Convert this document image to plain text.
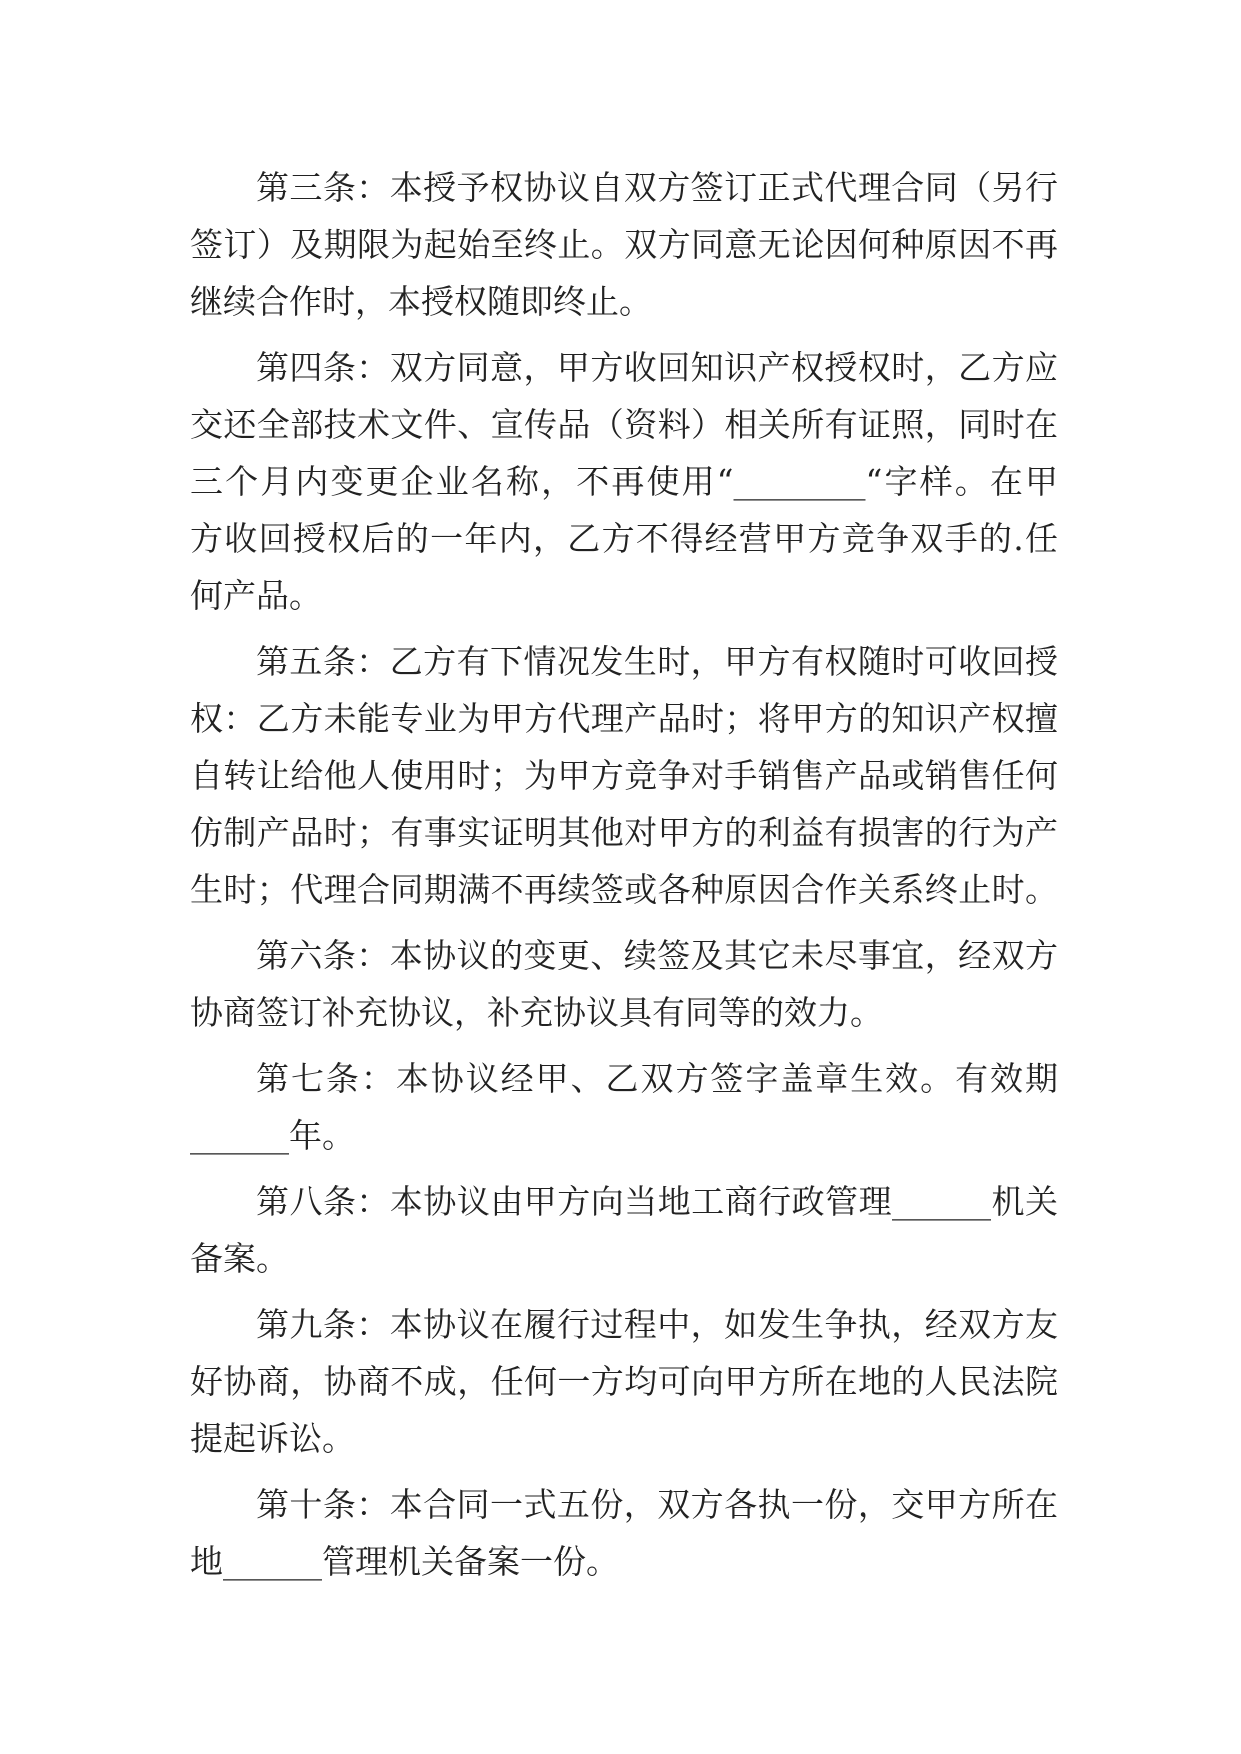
第三条：本授予权协议自双方签订正式代理合同（另行
签订）及期限为起始至终止。双方同意无论因何种原因不再
继续合作时，本授权随即终止。
第四条：双方同意，甲方收回知识产权授权时，乙方应
交还全部技术文件、宣传品（资料）相关所有证照，同时在
三个月内变更企业名称，不再使用“________“字样。在甲
方收回授权后的一年内，乙方不得经营甲方竞争双手的.任
何产品。
第五条：乙方有下情况发生时，甲方有权随时可收回授
权：乙方未能专业为甲方代理产品时；将甲方的知识产权擅
自转让给他人使用时；为甲方竞争对手销售产品或销售任何
仿制产品时；有事实证明其他对甲方的利益有损害的行为产
生时；代理合同期满不再续签或各种原因合作关系终止时。
第六条：本协议的变更、续签及其它未尽事宜，经双方
协商签订补充协议，补充协议具有同等的效力。
第七条：本协议经甲、乙双方签字盖章生效。有效期
______年。
第八条：本协议由甲方向当地工商行政管理______机关
备案。
第九条：本协议在履行过程中，如发生争执，经双方友
好协商，协商不成，任何一方均可向甲方所在地的人民法院
提起诉讼。
第十条：本合同一式五份，双方各执一份，交甲方所在
地______管理机关备案一份。
